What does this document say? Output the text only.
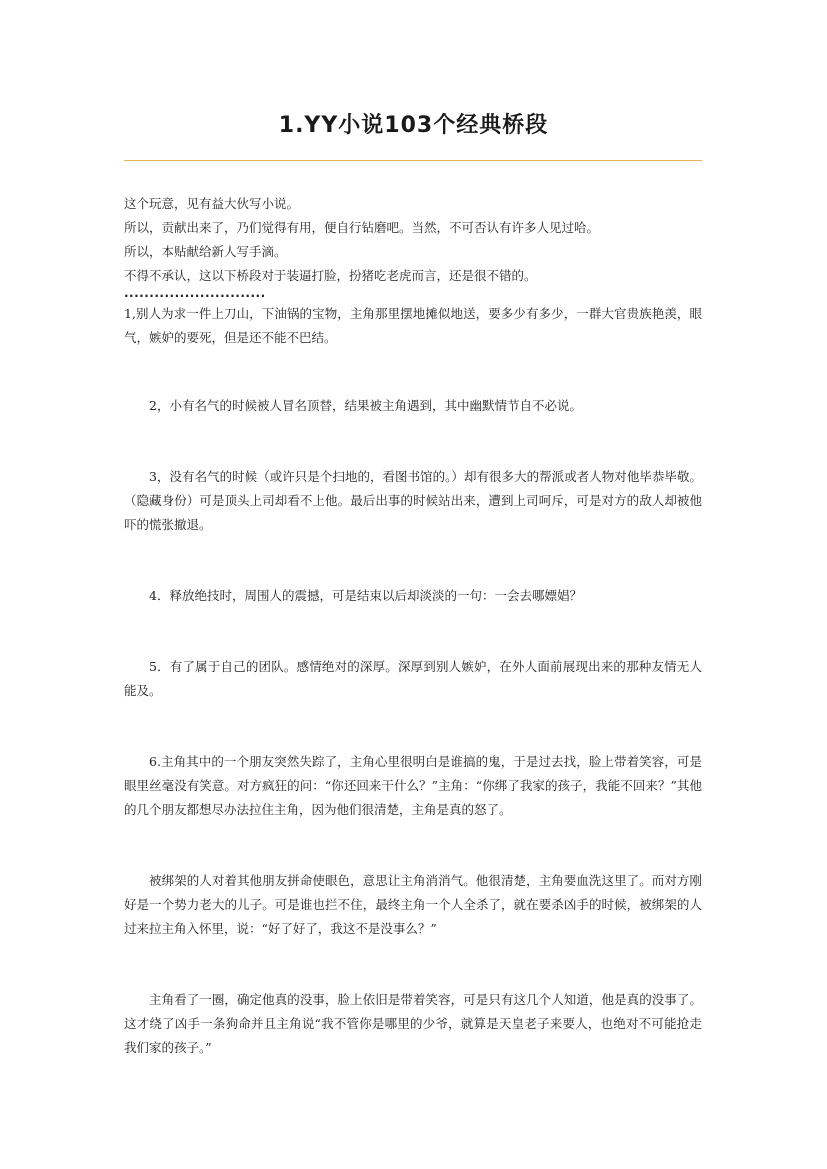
1.YY小说103个经典桥段

这个玩意，见有益大伙写小说。

所以，贡献出来了，乃们觉得有用，便自行钻磨吧。当然，不可否认有许多人见过哈。

所以，本贴献给新人写手滴。

不得不承认，这以下桥段对于装逼打脸，扮猪吃老虎而言，还是很不错的。

............................

1,别人为求一件上刀山，下油锅的宝物，主角那里摆地摊似地送，要多少有多少，一群大官贵族艳羡，眼气，嫉妒的要死，但是还不能不巴结。

2，小有名气的时候被人冒名顶替，结果被主角遇到，其中幽默情节自不必说。

3，没有名气的时候（或许只是个扫地的，看图书馆的。）却有很多大的帮派或者人物对他毕恭毕敬。（隐藏身份）可是顶头上司却看不上他。最后出事的时候站出来，遭到上司呵斥，可是对方的敌人却被他吓的慌张撤退。

4．释放绝技时，周围人的震撼，可是结束以后却淡淡的一句：一会去哪嫖娼？

5．有了属于自己的团队。感情绝对的深厚。深厚到别人嫉妒，在外人面前展现出来的那种友情无人能及。

6.主角其中的一个朋友突然失踪了，主角心里很明白是谁搞的鬼，于是过去找，脸上带着笑容，可是眼里丝毫没有笑意。对方疯狂的问：“你还回来干什么？”主角：“你绑了我家的孩子，我能不回来？”其他的几个朋友都想尽办法拉住主角，因为他们很清楚，主角是真的怒了。

被绑架的人对着其他朋友拼命使眼色，意思让主角消消气。他很清楚，主角要血洗这里了。而对方刚好是一个势力老大的儿子。可是谁也拦不住，最终主角一个人全杀了，就在要杀凶手的时候，被绑架的人过来拉主角入怀里，说：“好了好了，我这不是没事么？”

主角看了一圈，确定他真的没事，脸上依旧是带着笑容，可是只有这几个人知道，他是真的没事了。这才绕了凶手一条狗命并且主角说“我不管你是哪里的少爷，就算是天皇老子来要人，也绝对不可能抢走我们家的孩子。”
